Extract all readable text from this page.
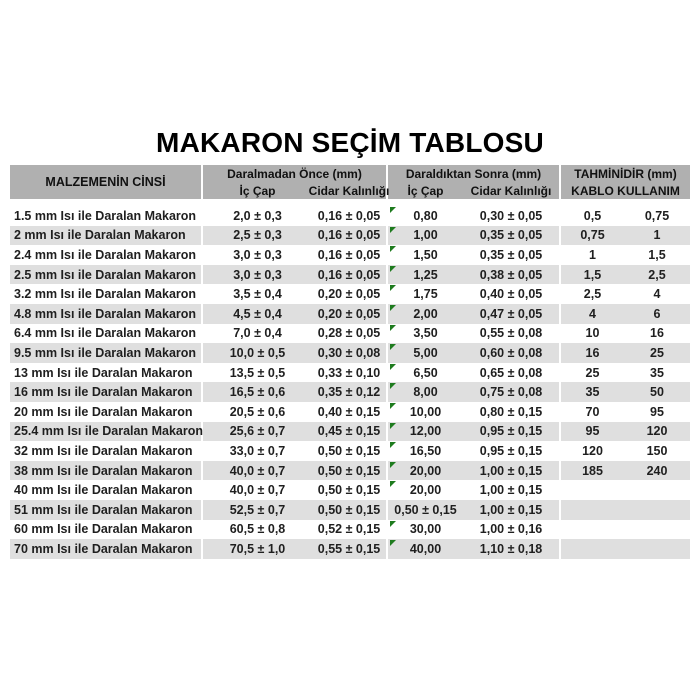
MAKARON SEÇİM TABLOSU
MALZEMENİN CİNSİ
Daralmadan Önce (mm)	Daraldıktan Sonra (mm)	TAHMİNİDİR (mm)
İç Çap	Cidar Kalınlığı	İç Çap	Cidar Kalınlığı	KABLO KULLANIM
1.5 mm Isı ile Daralan Makaron	2,0 ± 0,3	0,16 ± 0,05	0,80	0,30 ± 0,05	0,5	0,75
2 mm Isı ile Daralan Makaron	2,5 ± 0,3	0,16 ± 0,05	1,00	0,35 ± 0,05	0,75	1
2.4 mm Isı ile Daralan Makaron	3,0 ± 0,3	0,16 ± 0,05	1,50	0,35 ± 0,05	1	1,5
2.5 mm Isı ile Daralan Makaron	3,0 ± 0,3	0,16 ± 0,05	1,25	0,38 ± 0,05	1,5	2,5
3.2 mm Isı ile Daralan Makaron	3,5 ± 0,4	0,20 ± 0,05	1,75	0,40 ± 0,05	2,5	4
4.8 mm Isı ile Daralan Makaron	4,5 ± 0,4	0,20 ± 0,05	2,00	0,47 ± 0,05	4	6
6.4 mm Isı ile Daralan Makaron	7,0 ± 0,4	0,28 ± 0,05	3,50	0,55 ± 0,08	10	16
9.5 mm Isı ile Daralan Makaron	10,0 ± 0,5	0,30 ± 0,08	5,00	0,60 ± 0,08	16	25
13 mm Isı ile Daralan Makaron	13,5 ± 0,5	0,33 ± 0,10	6,50	0,65 ± 0,08	25	35
16 mm Isı ile Daralan Makaron	16,5 ± 0,6	0,35 ± 0,12	8,00	0,75 ± 0,08	35	50
20 mm Isı ile Daralan Makaron	20,5 ± 0,6	0,40 ± 0,15	10,00	0,80 ± 0,15	70	95
25.4 mm Isı ile Daralan Makaron	25,6 ± 0,7	0,45 ± 0,15	12,00	0,95 ± 0,15	95	120
32 mm Isı ile Daralan Makaron	33,0 ± 0,7	0,50 ± 0,15	16,50	0,95 ± 0,15	120	150
38 mm Isı ile Daralan Makaron	40,0 ± 0,7	0,50 ± 0,15	20,00	1,00 ± 0,15	185	240
40 mm Isı ile Daralan Makaron	40,0 ± 0,7	0,50 ± 0,15	20,00	1,00 ± 0,15
51 mm Isı ile Daralan Makaron	52,5 ± 0,7	0,50 ± 0,15	0,50 ± 0,15	1,00 ± 0,15
60 mm Isı ile Daralan Makaron	60,5 ± 0,8	0,52 ± 0,15	30,00	1,00 ± 0,16
70 mm Isı ile Daralan Makaron	70,5 ± 1,0	0,55 ± 0,15	40,00	1,10 ± 0,18
